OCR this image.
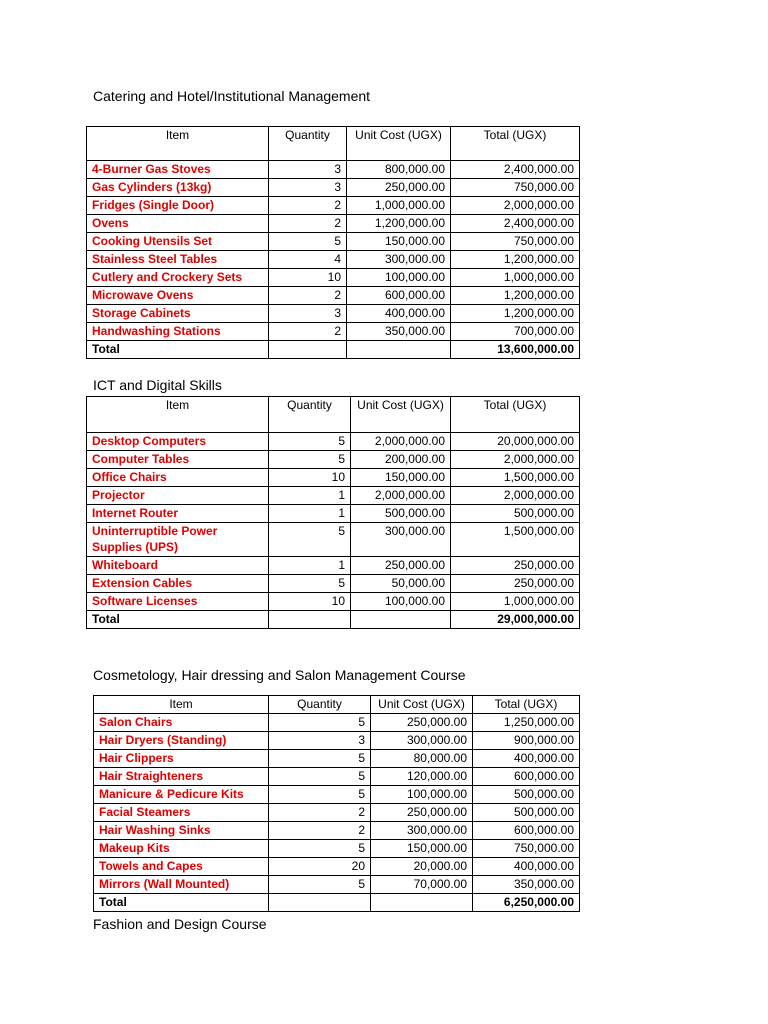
Catering and Hotel/Institutional Management
Item	Quantity	Unit Cost (UGX)	Total (UGX)
4-Burner Gas Stoves	3	800,000.00	2,400,000.00
Gas Cylinders (13kg)	3	250,000.00	750,000.00
Fridges (Single Door)	2	1,000,000.00	2,000,000.00
Ovens	2	1,200,000.00	2,400,000.00
Cooking Utensils Set	5	150,000.00	750,000.00
Stainless Steel Tables	4	300,000.00	1,200,000.00
Cutlery and Crockery Sets	10	100,000.00	1,000,000.00
Microwave Ovens	2	600,000.00	1,200,000.00
Storage Cabinets	3	400,000.00	1,200,000.00
Handwashing Stations	2	350,000.00	700,000.00
Total			13,600,000.00
ICT and Digital Skills
Item	Quantity	Unit Cost (UGX)	Total (UGX)
Desktop Computers	5	2,000,000.00	20,000,000.00
Computer Tables	5	200,000.00	2,000,000.00
Office Chairs	10	150,000.00	1,500,000.00
Projector	1	2,000,000.00	2,000,000.00
Internet Router	1	500,000.00	500,000.00
Uninterruptible Power Supplies (UPS)	5	300,000.00	1,500,000.00
Whiteboard	1	250,000.00	250,000.00
Extension Cables	5	50,000.00	250,000.00
Software Licenses	10	100,000.00	1,000,000.00
Total			29,000,000.00
Cosmetology, Hair dressing and Salon Management Course
Item	Quantity	Unit Cost (UGX)	Total (UGX)
Salon Chairs	5	250,000.00	1,250,000.00
Hair Dryers (Standing)	3	300,000.00	900,000.00
Hair Clippers	5	80,000.00	400,000.00
Hair Straighteners	5	120,000.00	600,000.00
Manicure & Pedicure Kits	5	100,000.00	500,000.00
Facial Steamers	2	250,000.00	500,000.00
Hair Washing Sinks	2	300,000.00	600,000.00
Makeup Kits	5	150,000.00	750,000.00
Towels and Capes	20	20,000.00	400,000.00
Mirrors (Wall Mounted)	5	70,000.00	350,000.00
Total			6,250,000.00
Fashion and Design Course
